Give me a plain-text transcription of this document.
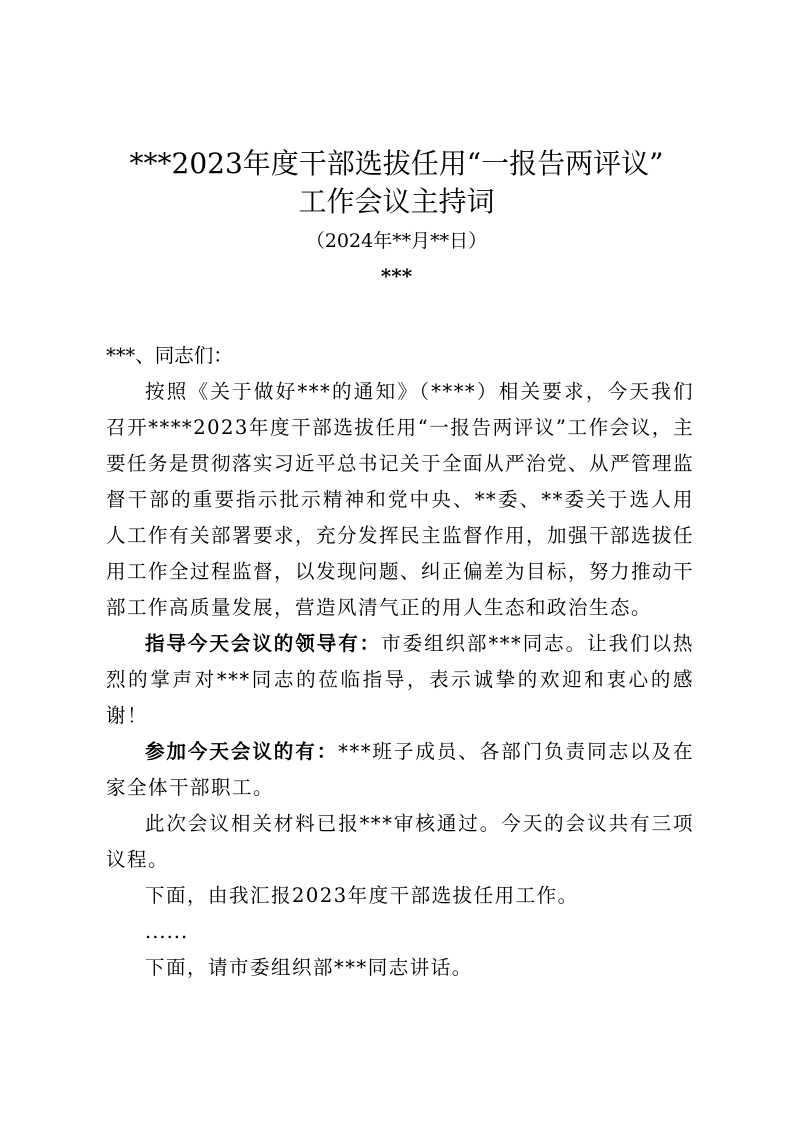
***2023年度干部选拔任用“一报告两评议”
工作会议主持词
（2024年**月**日）
***

***、同志们：

按照《关于做好***的通知》（****）相关要求，今天我们召开****2023年度干部选拔任用“一报告两评议”工作会议，主要任务是贯彻落实习近平总书记关于全面从严治党、从严管理监督干部的重要指示批示精神和党中央、**委、**委关于选人用人工作有关部署要求，充分发挥民主监督作用，加强干部选拔任用工作全过程监督，以发现问题、纠正偏差为目标，努力推动干部工作高质量发展，营造风清气正的用人生态和政治生态。

指导今天会议的领导有：市委组织部***同志。让我们以热烈的掌声对***同志的莅临指导，表示诚挚的欢迎和衷心的感谢！

参加今天会议的有：***班子成员、各部门负责同志以及在家全体干部职工。

此次会议相关材料已报***审核通过。今天的会议共有三项议程。

下面，由我汇报2023年度干部选拔任用工作。

......

下面，请市委组织部***同志讲话。
